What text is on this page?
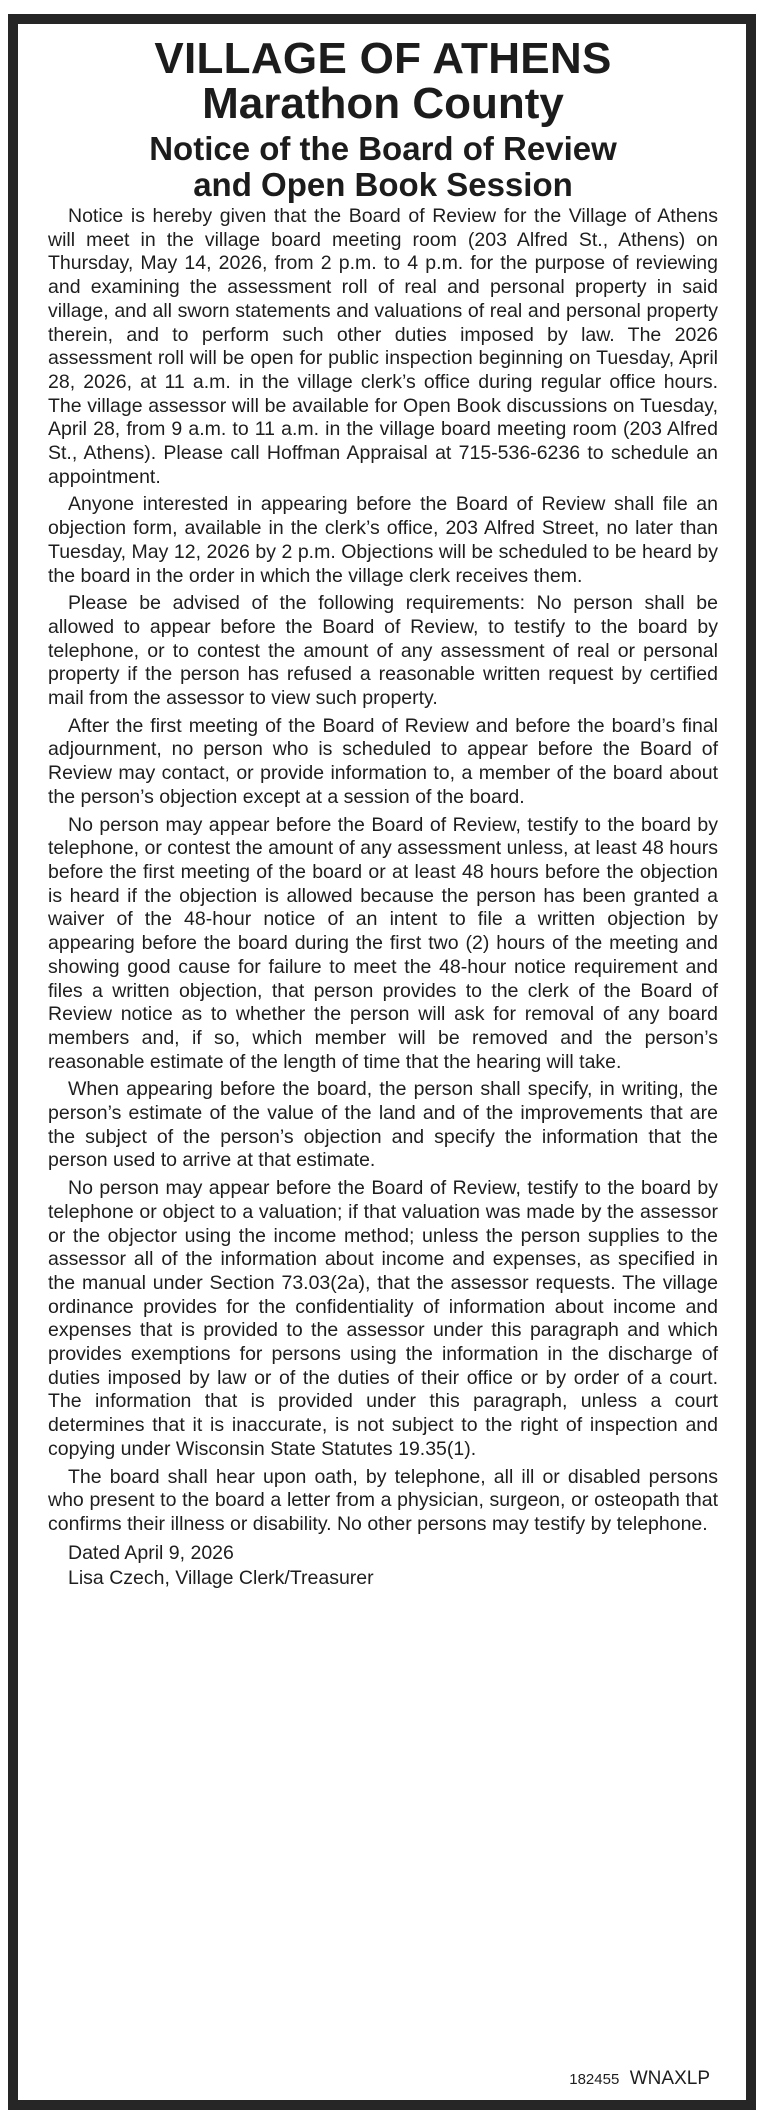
VILLAGE OF ATHENS
Marathon County
Notice of the Board of Review
and Open Book Session

Notice is hereby given that the Board of Review for the Village of Athens will meet in the village board meeting room (203 Alfred St., Athens) on Thursday, May 14, 2026, from 2 p.m. to 4 p.m. for the purpose of reviewing and examining the assessment roll of real and personal property in said village, and all sworn statements and valuations of real and personal property therein, and to perform such other duties imposed by law. The 2026 assessment roll will be open for public inspection beginning on Tuesday, April 28, 2026, at 11 a.m. in the village clerk’s office during regular office hours. The village assessor will be available for Open Book discussions on Tuesday, April 28, from 9 a.m. to 11 a.m. in the village board meeting room (203 Alfred St., Athens). Please call Hoffman Appraisal at 715-536-6236 to schedule an appointment.

Anyone interested in appearing before the Board of Review shall file an objection form, available in the clerk’s office, 203 Alfred Street, no later than Tuesday, May 12, 2026 by 2 p.m. Objections will be scheduled to be heard by the board in the order in which the village clerk receives them.

Please be advised of the following requirements: No person shall be allowed to appear before the Board of Review, to testify to the board by telephone, or to contest the amount of any assessment of real or personal property if the person has refused a reasonable written request by certified mail from the assessor to view such property.

After the first meeting of the Board of Review and before the board’s final adjournment, no person who is scheduled to appear before the Board of Review may contact, or provide information to, a member of the board about the person’s objection except at a session of the board.

No person may appear before the Board of Review, testify to the board by telephone, or contest the amount of any assessment unless, at least 48 hours before the first meeting of the board or at least 48 hours before the objection is heard if the objection is allowed because the person has been granted a waiver of the 48-hour notice of an intent to file a written objection by appearing before the board during the first two (2) hours of the meeting and showing good cause for failure to meet the 48-hour notice requirement and files a written objection, that person provides to the clerk of the Board of Review notice as to whether the person will ask for removal of any board members and, if so, which member will be removed and the person’s reasonable estimate of the length of time that the hearing will take.

When appearing before the board, the person shall specify, in writing, the person’s estimate of the value of the land and of the improvements that are the subject of the person’s objection and specify the information that the person used to arrive at that estimate.

No person may appear before the Board of Review, testify to the board by telephone or object to a valuation; if that valuation was made by the assessor or the objector using the income method; unless the person supplies to the assessor all of the information about income and expenses, as specified in the manual under Section 73.03(2a), that the assessor requests. The village ordinance provides for the confidentiality of information about income and expenses that is provided to the assessor under this paragraph and which provides exemptions for persons using the information in the discharge of duties imposed by law or of the duties of their office or by order of a court. The information that is provided under this paragraph, unless a court determines that it is inaccurate, is not subject to the right of inspection and copying under Wisconsin State Statutes 19.35(1).

The board shall hear upon oath, by telephone, all ill or disabled persons who present to the board a letter from a physician, surgeon, or osteopath that confirms their illness or disability. No other persons may testify by telephone.

Dated April 9, 2026
Lisa Czech, Village Clerk/Treasurer
182455 WNAXLP
